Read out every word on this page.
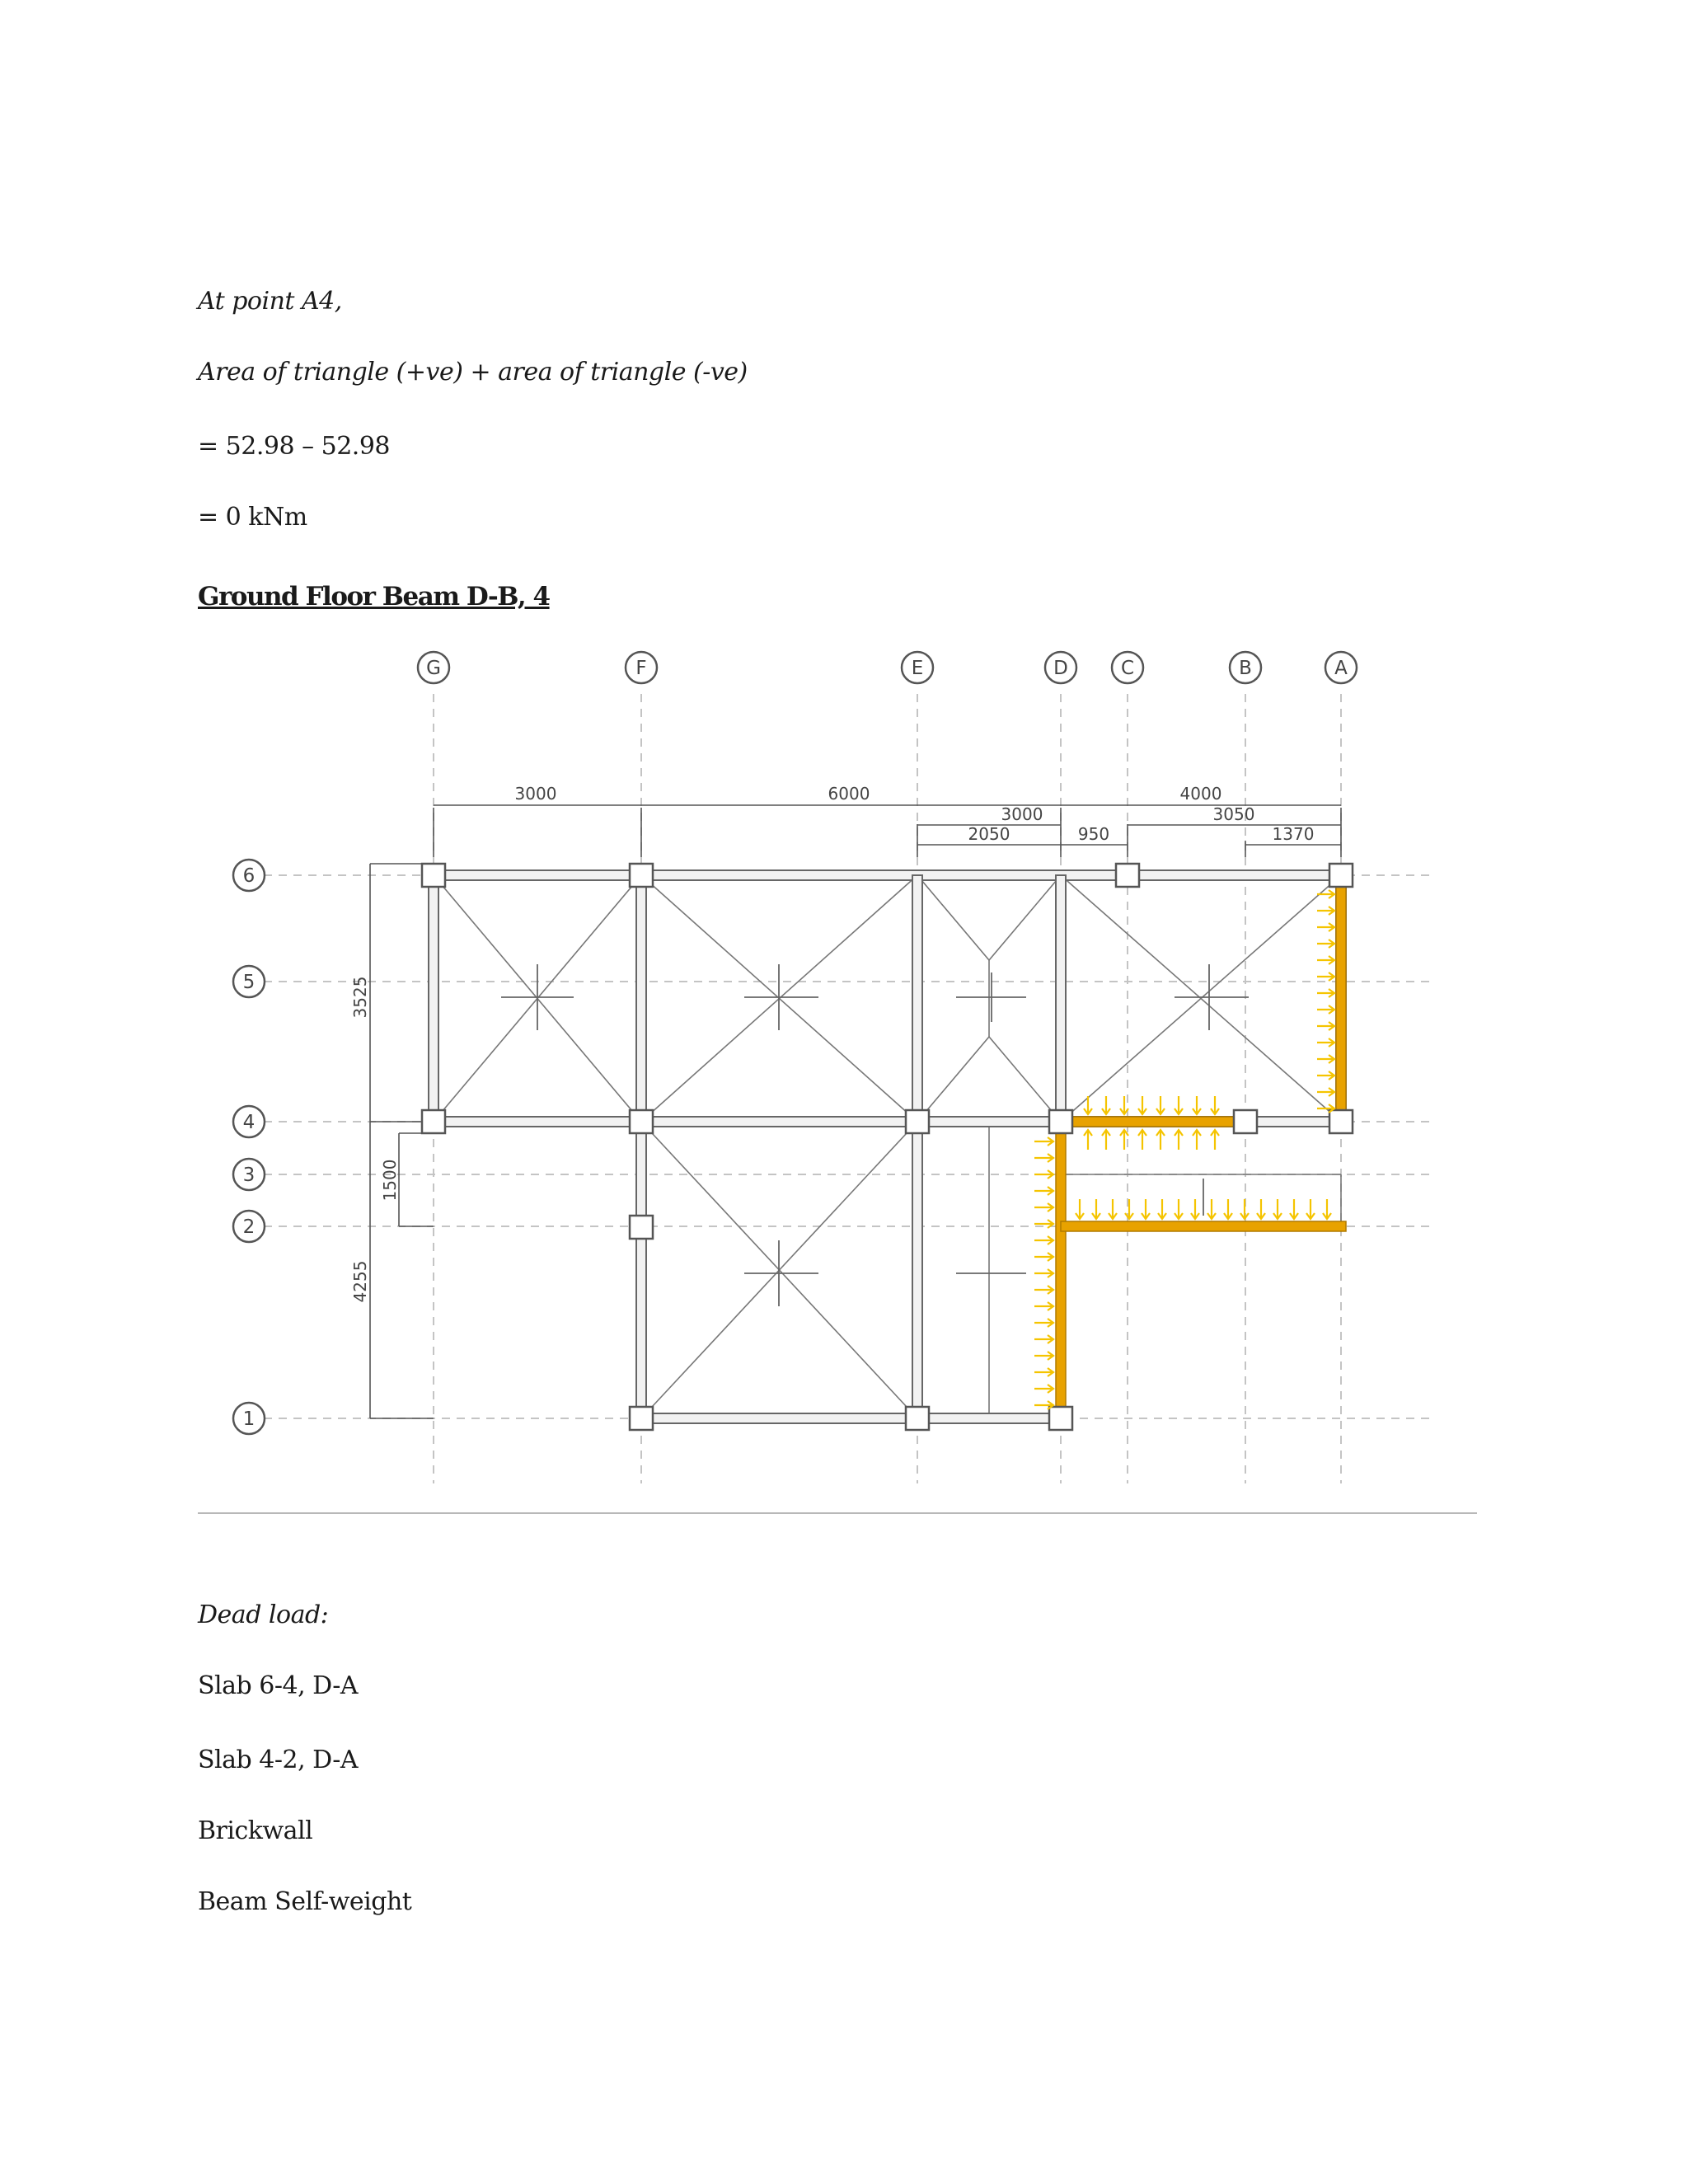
At point A4,
Area of triangle (+ve) + area of triangle (-ve)
= 52.98 – 52.98
= 0 kNm
Ground Floor Beam D-B, 4
G	F	E	D	C	B	A
6
5
4
3
2
1
3000	6000
3000
2050	950
4000
3050
1370
3525
1500
4255
Dead load:
Slab 6-4, D-A
Slab 4-2, D-A
Brickwall
Beam Self-weight
